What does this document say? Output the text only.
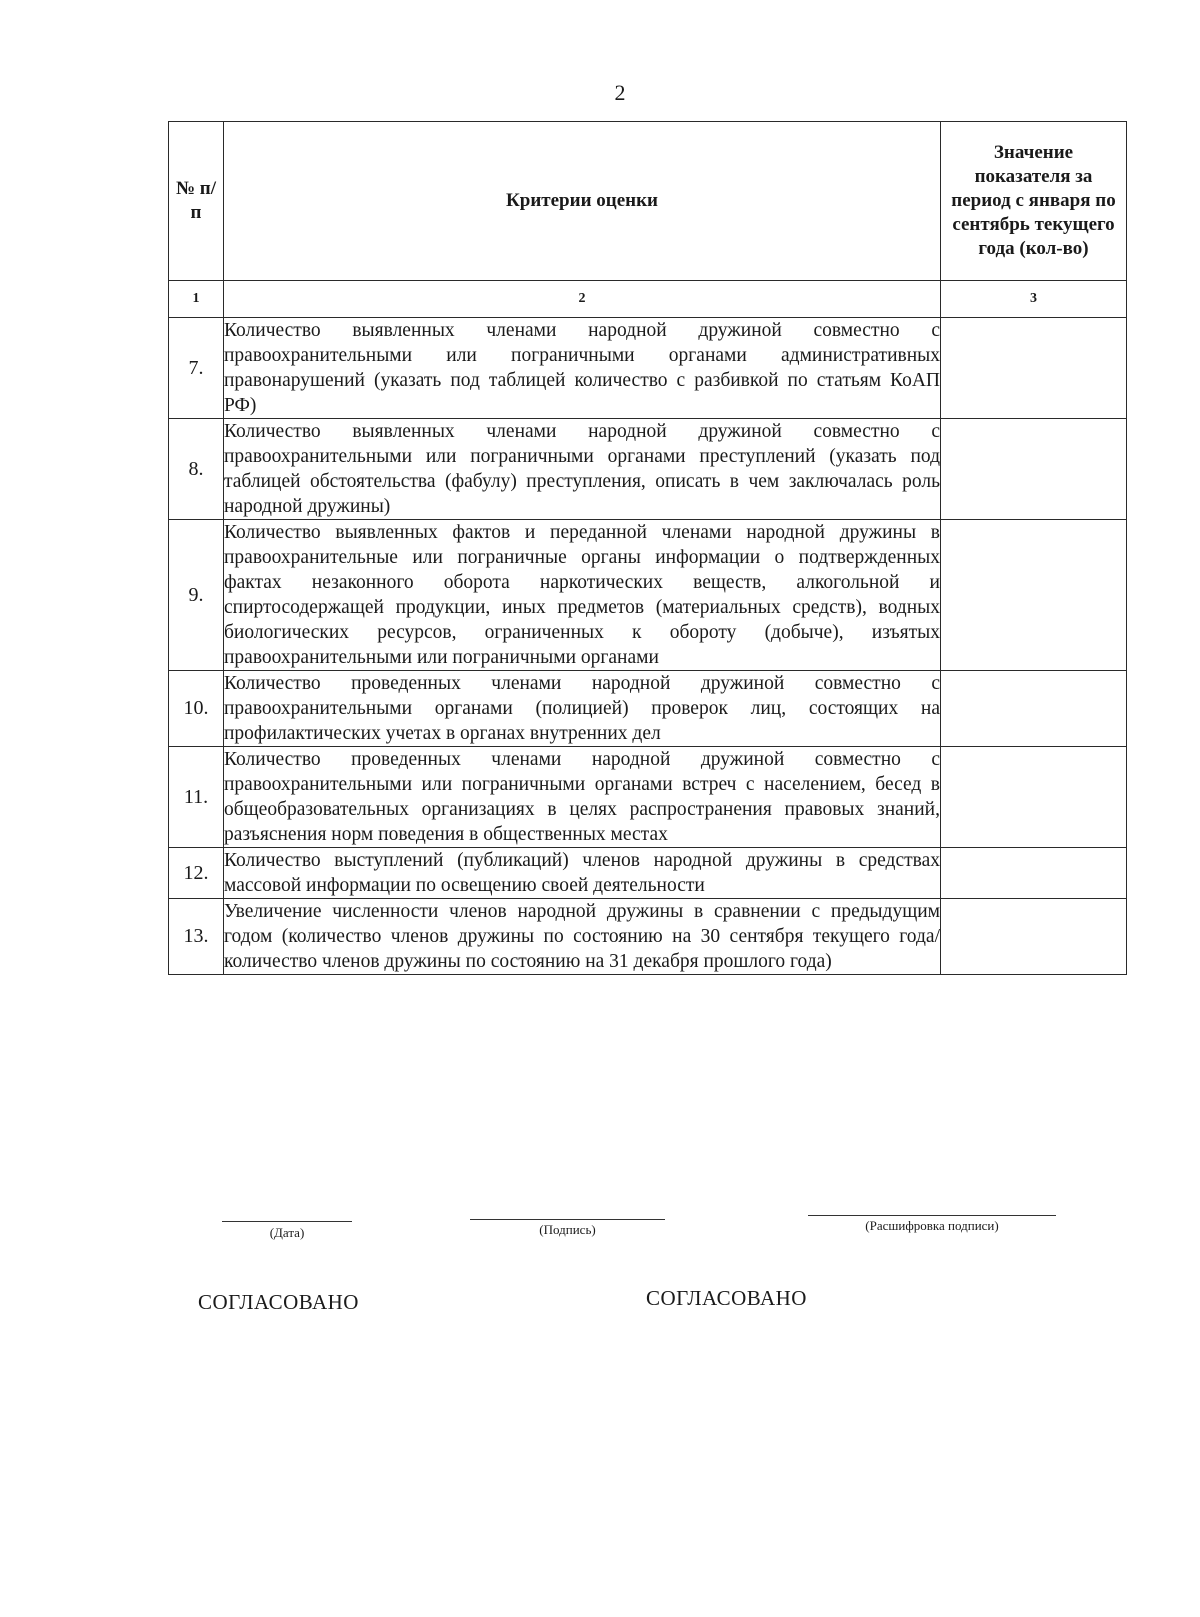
2
№ п/п	Критерии оценки	Значение показателя за период с января по сентябрь текущего года (кол-во)
1	2	3
7.	Количество выявленных членами народной дружиной совместно с правоохранительными или пограничными органами административных правонарушений (указать под таблицей количество с разбивкой по статьям КоАП РФ)	
8.	Количество выявленных членами народной дружиной совместно с правоохранительными или пограничными органами преступлений (указать под таблицей обстоятельства (фабулу) преступления, описать в чем заключалась роль народной дружины)	
9.	Количество выявленных фактов и переданной членами народной дружины в правоохранительные или пограничные органы информации о подтвержденных фактах незаконного оборота наркотических веществ, алкогольной и спиртосодержащей продукции, иных предметов (материальных средств), водных биологических ресурсов, ограниченных к обороту (добыче), изъятых правоохранительными или пограничными органами	
10.	Количество проведенных членами народной дружиной совместно с правоохранительными органами (полицией) проверок лиц, состоящих на профилактических учетах в органах внутренних дел	
11.	Количество проведенных членами народной дружиной совместно с правоохранительными или пограничными органами встреч с населением, бесед в общеобразовательных организациях в целях распространения правовых знаний, разъяснения норм поведения в общественных местах	
12.	Количество выступлений (публикаций) членов народной дружины в средствах массовой информации по освещению своей деятельности	
13.	Увеличение численности членов народной дружины в сравнении с предыдущим годом (количество членов дружины по состоянию на 30 сентября текущего года/ количество членов дружины по состоянию на 31 декабря прошлого года)	
(Дата)	(Подпись)	(Расшифровка подписи)
СОГЛАСОВАНО	СОГЛАСОВАНО
